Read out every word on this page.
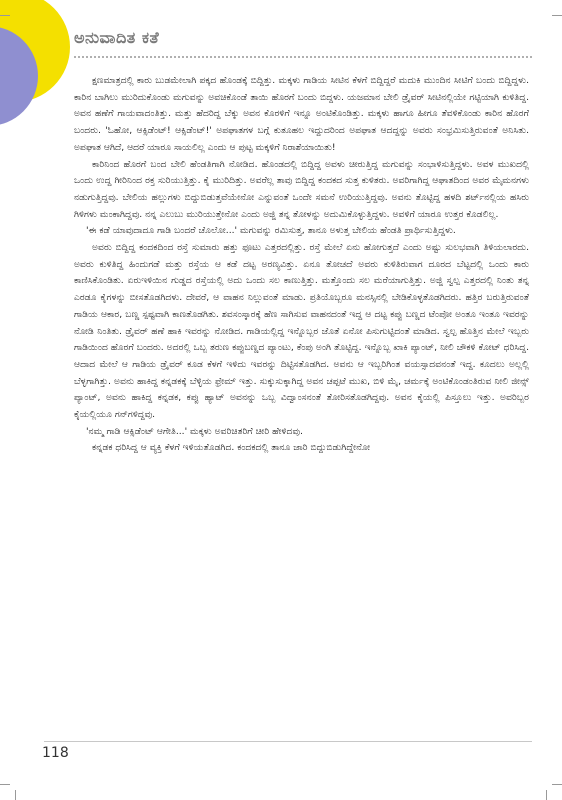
ಅನುವಾದಿತ ಕತೆ

ಕ್ಷಣಮಾತ್ರದಲ್ಲಿ ಕಾರು ಬುಡಮೇಲಾಗಿ ಪಕ್ಕದ ಹೊಂಡಕ್ಕೆ ಬಿದ್ದಿತ್ತು. ಮಕ್ಕಳು ಗಾಡಿಯ ಸೀಟಿನ ಕೆಳಗೆ ಬಿದ್ದಿದ್ದರೆ ಮದುಕಿ ಮುಂದಿನ ಸೀಟಿಗೆ ಬಂದು ಬಿದ್ದಿದ್ದಳು. ಕಾರಿನ ಬಾಗಿಲು ಮುರಿದುಕೊಂಡು ಮಗುವನ್ನು ಅವಚಿಕೊಂಡೆ ತಾಯಿ ಹೊರಗೆ ಬಂದು ಬಿದ್ದಳು. ಯಜಮಾನ ಬೇಲಿ ಡ್ರೈವರ್ ಸೀಟಿನಲ್ಲಿಯೇ ಗಟ್ಟಿಯಾಗಿ ಕುಳಿತಿದ್ದ. ಅವನ ಹಣೆಗೆ ಗಾಯವಾದಂತಿತ್ತು. ಮತ್ತು ಹೆದರಿದ್ದ ಬೆಕ್ಕು ಅವನ ಕೊರಳಿಗೆ ಇನ್ನೂ ಅಂಟಿಕೊಂಡಿತ್ತು. ಮಕ್ಕಳು ಹಾಗೂ ಹೀಗೂ ತೆವಳಿಕೊಂಡು ಕಾರಿನ ಹೊರಗೆ ಬಂದರು. 'ಓಹೋ, ಆಕ್ಸಿಡೆಂಟ್! ಆಕ್ಸಿಡೆಂಟ್!' ಅಪಘಾತಗಳ ಬಗ್ಗೆ ಕುತೂಹಲ ಇದ್ದುದರಿಂದ ಅಪಘಾತ ಆದದ್ದನ್ನು ಅವರು ಸಂಭ್ರಮಿಸುತ್ತಿರುವಂತೆ ಅನಿಸಿತು. ಅಪಘಾತ ಆಗಿದೆ, ಆದರೆ ಯಾರೂ ಸಾಯಲಿಲ್ಲ ಎಂದು ಆ ಪುಟ್ಟ ಮಕ್ಕಳಿಗೆ ನಿರಾಶೆಯಾಯಿತು!

ಕಾರಿನಿಂದ ಹೊರಗೆ ಬಂದ ಬೇಲಿ ಹೆಂಡತಿಗಾಗಿ ನೋಡಿದ. ಹೊಂಡದಲ್ಲಿ ಬಿದ್ದಿದ್ದ ಅವಳು ಚೀರುತ್ತಿದ್ದ ಮಗುವನ್ನು ಸಂಭಾಳಿಸುತ್ತಿದ್ದಳು. ಅವಳ ಮುಖದಲ್ಲಿ ಒಂದು ಉದ್ದ ಗೀರಿನಿಂದ ರಕ್ತ ಸುರಿಯುತ್ತಿತ್ತು. ಕೈ ಮುರಿದಿತ್ತು. ಅವರೆಲ್ಲ ತಾವು ಬಿದ್ದಿದ್ದ ಕಂದಕದ ಸುತ್ತ ಕುಳಿತರು. ಅವರಿಗಾಗಿದ್ದ ಆಘಾತದಿಂದ ಅವರ ಮೈಮನಗಳು ನಡುಗುತ್ತಿದ್ದವು. ಬೇಲಿಯ ಹಲ್ಲುಗಳು ಬಿದ್ದುಬಿಡುತ್ತವೆಯೇನೋ ಎನ್ನುವಂತೆ ಒಂದೇ ಸಮನೆ ಉರಿಯುತ್ತಿದ್ದವು. ಅವನು ತೊಟ್ಟಿದ್ದ ಹಳದಿ ಶರ್ಟ್‌ನಲ್ಲಿಯ ಹಸಿರು ಗಿಳಿಗಳು ಮಂಕಾಗಿದ್ದವು. ನನ್ನ ಎಲುಬು ಮುರಿಯುತ್ತೇನೋ ಎಂದು ಅಜ್ಜಿ ತನ್ನ ತೋಳನ್ನು ಅದುಮಿಕೊಳ್ಳುತ್ತಿದ್ದಳು. ಅವಳಿಗೆ ಯಾರೂ ಉತ್ತರ ಕೊಡಲಿಲ್ಲ.

'ಈ ಕಡೆ ಯಾವುದಾದೂ ಗಾಡಿ ಬಂದರೆ ಚೊಲೋ...' ಮಗುವನ್ನು ರಮಿಸುತ್ತ, ತಾನೂ ಅಳುತ್ತ ಬೇಲಿಯ ಹೆಂಡತಿ ಪ್ರಾರ್ಥಿಸುತ್ತಿದ್ದಳು.

ಅವರು ಬಿದ್ದಿದ್ದ ಕಂದಕದಿಂದ ರಸ್ತೆ ಸುಮಾರು ಹತ್ತು ಫೂಟು ಎತ್ತರದಲ್ಲಿತ್ತು. ರಸ್ತೆ ಮೇಲೆ ಏನು ಹೋಗುತ್ತದೆ ಎಂದು ಅಷ್ಟು ಸುಲಭವಾಗಿ ತಿಳಿಯಲಾರದು. ಅವರು ಕುಳಿತಿದ್ದ ಹಿಂದುಗಡೆ ಮತ್ತು ರಸ್ತೆಯ ಆ ಕಡೆ ದಟ್ಟ ಅರಣ್ಯವಿತ್ತು. ಏನೂ ತೋಚದೆ ಅವರು ಕುಳಿತಿರುವಾಗ ದೂರದ ಬೆಟ್ಟದಲ್ಲಿ ಒಂದು ಕಾರು ಕಾಣಿಸಿಕೊಂಡಿತು. ಏರುಇಳಿಯಿನ ಗುಡ್ಡದ ರಸ್ತೆಯಲ್ಲಿ ಅದು ಒಂದು ಸಲ ಕಾಣುತ್ತಿತ್ತು. ಮತ್ತೊಂದು ಸಲ ಮರೆಯಾಗುತ್ತಿತ್ತು. ಅಜ್ಜಿ ಸ್ವಲ್ಪ ಎತ್ತರದಲ್ಲಿ ನಿಂತು ತನ್ನ ಎರಡೂ ಕೈಗಳನ್ನು ಬೀಸತೊಡಗಿದಳು. ದೇವರೆ, ಆ ವಾಹನ ನಿಲ್ಲುವಂತೆ ಮಾಡು. ಪ್ರತಿಯೊಬ್ಬರೂ ಮನಸ್ಸಿನಲ್ಲಿ ಬೇಡಿಕೊಳ್ಳತೊಡಗಿದರು. ಹತ್ತಿರ ಬರುತ್ತಿರುವಂತೆ ಗಾಡಿಯ ಆಕಾರ, ಬಣ್ಣ ಸ್ಪಷ್ಟವಾಗಿ ಕಾಣತೊಡಗಿತು. ಶವಸಂಸ್ಕಾರಕ್ಕೆ ಹೆಣ ಸಾಗಿಸುವ ವಾಹನದಂತೆ ಇದ್ದ ಆ ದಟ್ಟ ಕಪ್ಪು ಬಣ್ಣದ ಟೆಂಪೋ ಅಂತೂ ಇಂತೂ ಇವರನ್ನು ನೋಡಿ ನಿಂತಿತು. ಡ್ರೈವರ್ ಹಣೆ ಹಾಕಿ ಇವರನ್ನು ನೋಡಿದ. ಗಾಡಿಯಲ್ಲಿದ್ದ ಇನ್ನೊಬ್ಬರ ಜೊತೆ ಏನೋ ಪಿಸುಗುಟ್ಟಿದಂತೆ ಮಾಡಿದ. ಸ್ವಲ್ಪ ಹೊತ್ತಿನ ಮೇಲೆ ಇಬ್ಬರು ಗಾಡಿಯಿಂದ ಹೊರಗೆ ಬಂದರು. ಅದರಲ್ಲಿ ಒಬ್ಬ ತರುಣ ಕಪ್ಪುಬಣ್ಣದ ಪ್ಯಾಂಟು, ಕೆಂಪು ಅಂಗಿ ತೊಟ್ಟಿದ್ದ. ಇನ್ನೊಬ್ಬ ಖಾಕಿ ಪ್ಯಾಂಟ್, ನೀಲಿ ಚೌಕಳಿ ಕೋಟ್ ಧರಿಸಿದ್ದ. ಆದಾದ ಮೇಲೆ ಆ ಗಾಡಿಯ ಡ್ರೈವರ್ ಕೂಡ ಕೆಳಗೆ ಇಳಿದು ಇವರನ್ನು ದಿಟ್ಟಿಸತೊಡಗಿದ. ಅವನು ಆ ಇಬ್ಬರಿಗಿಂತ ವಯಸ್ಸಾದವನಂತೆ ಇದ್ದ. ಕೂದಲು ಅಲ್ಲಲ್ಲಿ ಬೆಳ್ಳಗಾಗಿತ್ತು. ಅವನು ಹಾಕಿದ್ದ ಕನ್ನಡಕಕ್ಕೆ ಬೆಳ್ಳಿಯ ಫ್ರೇಮ್ ಇತ್ತು. ಸುಕ್ಕುಸುಕ್ಕಾಗಿದ್ದ ಅವನ ಚಪ್ಪಟೆ ಮುಖ, ಬಿಳಿ ಮೈ, ಚರ್ಮಕ್ಕೆ ಅಂಟಿಕೊಂಡಂತಿರುವ ನೀಲಿ ಜೀನ್ಸ್ ಪ್ಯಾಂಟ್, ಅವನು ಹಾಕಿದ್ದ ಕನ್ನಡಕ, ಕಪ್ಪು ಹ್ಯಾಟ್ ಅವನನ್ನು ಒಬ್ಬ ವಿದ್ವಾಂಸನಂತೆ ತೋರಿಸತೊಡಗಿದ್ದವು. ಅವನ ಕೈಯಲ್ಲಿ ಪಿಸ್ತೂಲು ಇತ್ತು. ಅವರಿಬ್ಬರ ಕೈಯಲ್ಲಿಯೂ ಗನ್‌ಗಳಿದ್ದವು.

'ನಮ್ಮ ಗಾಡಿ ಆಕ್ಸಿಡೆಂಟ್ ಆಗೇತಿ...' ಮಕ್ಕಳು ಅವರಿಚಿತರಿಗೆ ಚೀರಿ ಹೇಳಿದವು.

ಕನ್ನಡಕ ಧರಿಸಿದ್ದ ಆ ವ್ಯಕ್ತಿ ಕೆಳಗೆ ಇಳಿಯತೊಡಗಿದ. ಕಂದಕದಲ್ಲಿ ತಾನೂ ಜಾರಿ ಬಿದ್ದುಬಿಡುಗಿದ್ದೇನೋ

118
